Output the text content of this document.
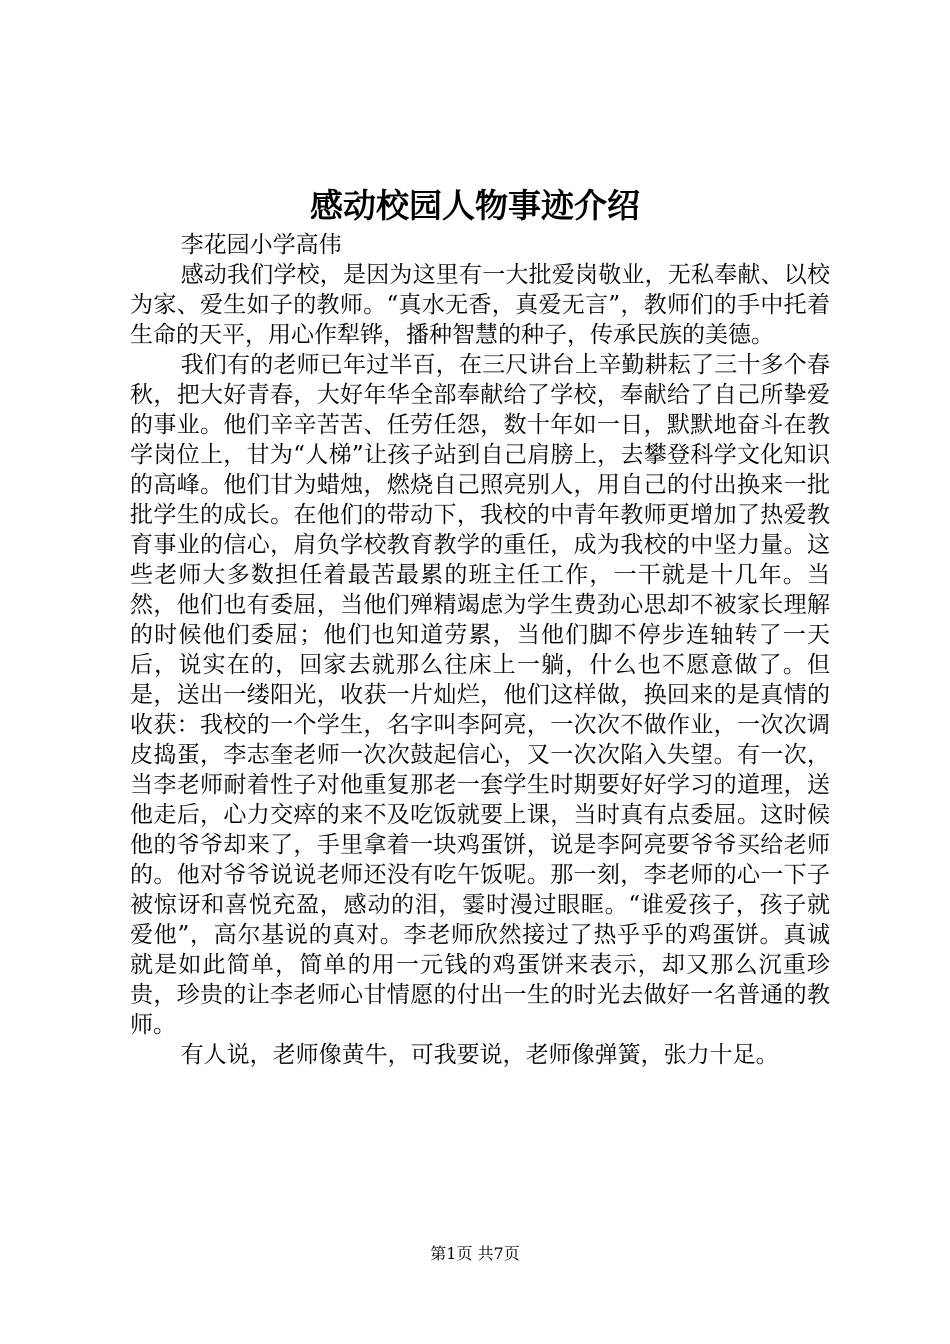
感动校园人物事迹介绍

李花园小学高伟

感动我们学校，是因为这里有一大批爱岗敬业，无私奉献、以校为家、爱生如子的教师。“真水无香，真爱无言”，教师们的手中托着生命的天平，用心作犁铧，播种智慧的种子，传承民族的美德。

我们有的老师已年过半百，在三尺讲台上辛勤耕耘了三十多个春秋，把大好青春，大好年华全部奉献给了学校，奉献给了自己所挚爱的事业。他们辛辛苦苦、任劳任怨，数十年如一日，默默地奋斗在教学岗位上，甘为“人梯”让孩子站到自己肩膀上，去攀登科学文化知识的高峰。他们甘为蜡烛，燃烧自己照亮别人，用自己的付出换来一批批学生的成长。在他们的带动下，我校的中青年教师更增加了热爱教育事业的信心，肩负学校教育教学的重任，成为我校的中坚力量。这些老师大多数担任着最苦最累的班主任工作，一干就是十几年。当然，他们也有委屈，当他们殚精竭虑为学生费劲心思却不被家长理解的时候他们委屈；他们也知道劳累，当他们脚不停步连轴转了一天后，说实在的，回家去就那么往床上一躺，什么也不愿意做了。但是，送出一缕阳光，收获一片灿烂，他们这样做，换回来的是真情的收获：我校的一个学生，名字叫李阿亮，一次次不做作业，一次次调皮捣蛋，李志奎老师一次次鼓起信心，又一次次陷入失望。有一次，当李老师耐着性子对他重复那老一套学生时期要好好学习的道理，送他走后，心力交瘁的来不及吃饭就要上课，当时真有点委屈。这时候他的爷爷却来了，手里拿着一块鸡蛋饼，说是李阿亮要爷爷买给老师的。他对爷爷说说老师还没有吃午饭呢。那一刻，李老师的心一下子被惊讶和喜悦充盈，感动的泪，霎时漫过眼眶。“谁爱孩子，孩子就爱他”，高尔基说的真对。李老师欣然接过了热乎乎的鸡蛋饼。真诚就是如此简单，简单的用一元钱的鸡蛋饼来表示，却又那么沉重珍贵，珍贵的让李老师心甘情愿的付出一生的时光去做好一名普通的教师。

有人说，老师像黄牛，可我要说，老师像弹簧，张力十足。

第1页 共7页
